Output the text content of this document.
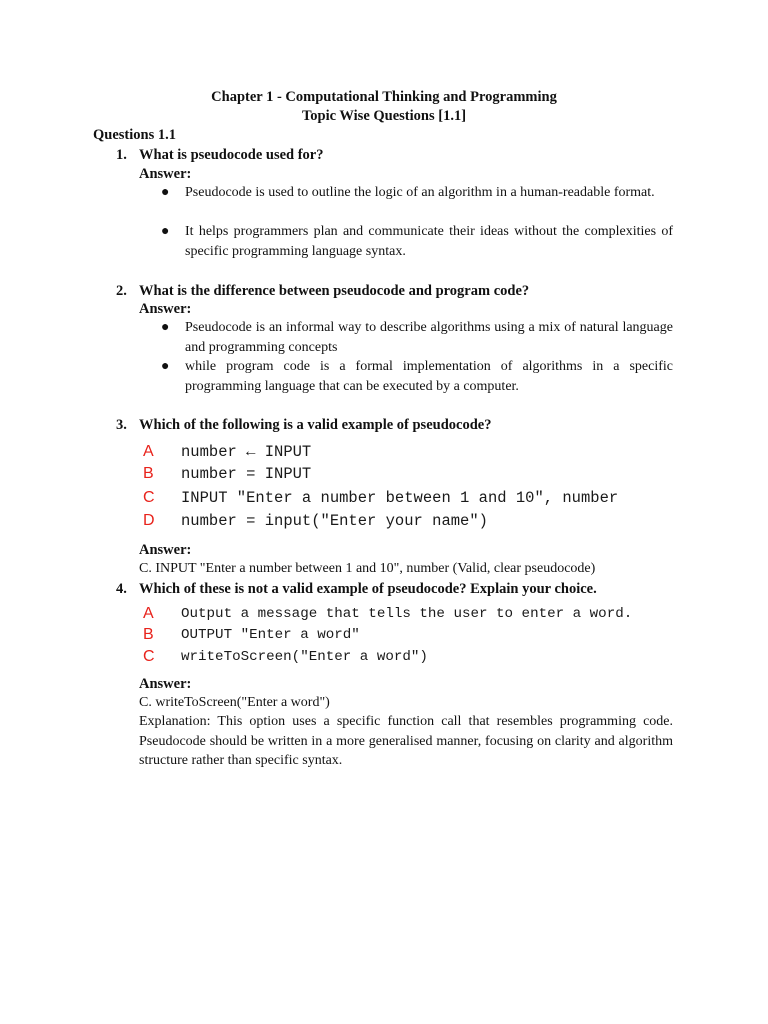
Chapter 1 - Computational Thinking and Programming
Topic Wise Questions [1.1]
Questions 1.1
1. What is pseudocode used for?
Answer:
● Pseudocode is used to outline the logic of an algorithm in a human-readable format.
● It helps programmers plan and communicate their ideas without the complexities of specific programming language syntax.
2. What is the difference between pseudocode and program code?
Answer:
● Pseudocode is an informal way to describe algorithms using a mix of natural language and programming concepts
● while program code is a formal implementation of algorithms in a specific programming language that can be executed by a computer.
3. Which of the following is a valid example of pseudocode?
A number ← INPUT
B number = INPUT
C INPUT "Enter a number between 1 and 10", number
D number = input("Enter your name")
Answer:
C. INPUT "Enter a number between 1 and 10", number (Valid, clear pseudocode)
4. Which of these is not a valid example of pseudocode? Explain your choice.
A Output a message that tells the user to enter a word.
B OUTPUT "Enter a word"
C writeToScreen("Enter a word")
Answer:
C. writeToScreen("Enter a word")
Explanation: This option uses a specific function call that resembles programming code. Pseudocode should be written in a more generalised manner, focusing on clarity and algorithm structure rather than specific syntax.
